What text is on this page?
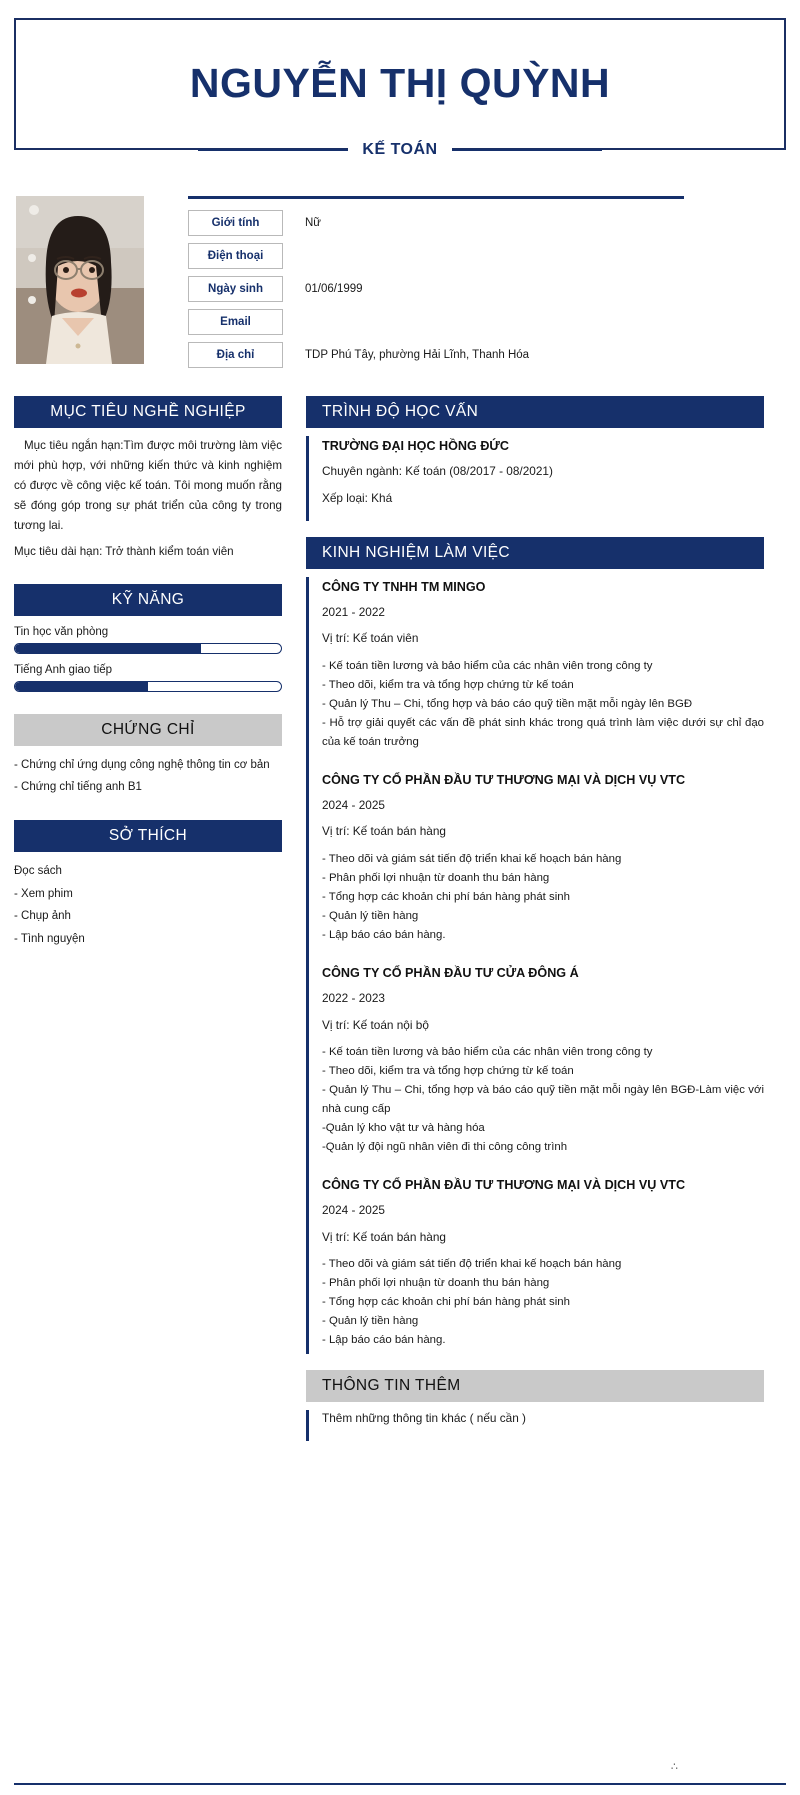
NGUYỄN THỊ QUỲNH
KẾ TOÁN
Giới tính	Nữ
Điện thoại
Ngày sinh	01/06/1999
Email
Địa chỉ	TDP Phú Tây, phường Hải Lĩnh, Thanh Hóa
MỤC TIÊU NGHỀ NGHIỆP
Mục tiêu ngắn hạn:Tìm được môi trường làm việc mới phù hợp, với những kiến thức và kinh nghiệm có được về công việc kế toán. Tôi mong muốn rằng sẽ đóng góp trong sự phát triển của công ty trong tương lai.
Mục tiêu dài hạn: Trở thành kiểm toán viên
KỸ NĂNG
Tin học văn phòng
Tiếng Anh giao tiếp
CHỨNG CHỈ
- Chứng chỉ ứng dụng công nghệ thông tin cơ bản
- Chứng chỉ tiếng anh B1
SỞ THÍCH
Đọc sách
- Xem phim
- Chụp ảnh
- Tình nguyện
TRÌNH ĐỘ HỌC VẤN
TRƯỜNG ĐẠI HỌC HỒNG ĐỨC
Chuyên ngành: Kế toán (08/2017 - 08/2021)
Xếp loại: Khá
KINH NGHIỆM LÀM VIỆC
CÔNG TY TNHH TM MINGO
2021 - 2022
Vị trí: Kế toán viên
- Kế toán tiền lương và bảo hiểm của các nhân viên trong công ty
- Theo dõi, kiểm tra và tổng hợp chứng từ kế toán
- Quản lý Thu – Chi, tổng hợp và báo cáo quỹ tiền mặt mỗi ngày lên BGĐ
- Hỗ trợ giải quyết các vấn đề phát sinh khác trong quá trình làm việc dưới sự chỉ đạo của kế toán trưởng
CÔNG TY CỔ PHẦN ĐẦU TƯ THƯƠNG MẠI VÀ DỊCH VỤ VTC
2024 - 2025
Vị trí: Kế toán bán hàng
- Theo dõi và giám sát tiến độ triển khai kế hoạch bán hàng
- Phân phối lợi nhuận từ doanh thu bán hàng
- Tổng hợp các khoản chi phí bán hàng phát sinh
- Quản lý tiền hàng
- Lập báo cáo bán hàng.
CÔNG TY CỔ PHẦN ĐẦU TƯ CỬA ĐÔNG Á
2022 - 2023
Vị trí: Kế toán nội bộ
- Kế toán tiền lương và bảo hiểm của các nhân viên trong công ty
- Theo dõi, kiểm tra và tổng hợp chứng từ kế toán
- Quản lý Thu – Chi, tổng hợp và báo cáo quỹ tiền mặt mỗi ngày lên BGĐ-Làm việc với nhà cung cấp
-Quản lý kho vật tư và hàng hóa
-Quản lý đội ngũ nhân viên đi thi công công trình
CÔNG TY CỔ PHẦN ĐẦU TƯ THƯƠNG MẠI VÀ DỊCH VỤ VTC
2024 - 2025
Vị trí: Kế toán bán hàng
- Theo dõi và giám sát tiến độ triển khai kế hoạch bán hàng
- Phân phối lợi nhuận từ doanh thu bán hàng
- Tổng hợp các khoản chi phí bán hàng phát sinh
- Quản lý tiền hàng
- Lập báo cáo bán hàng.
THÔNG TIN THÊM
Thêm những thông tin khác ( nếu cần )
∴
